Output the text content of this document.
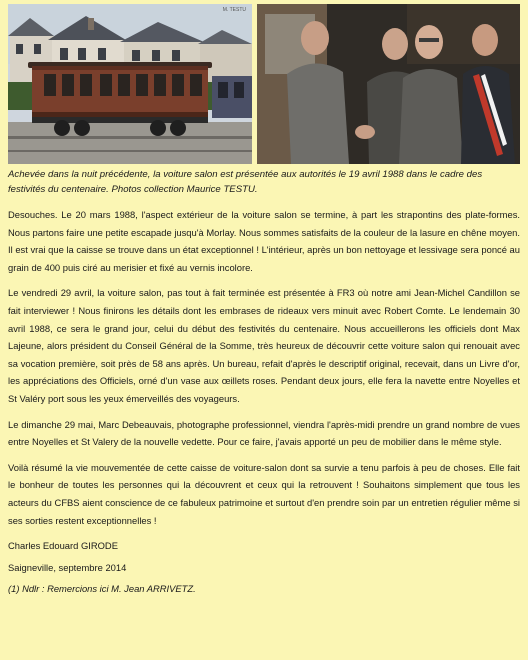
M. TESTU

Achevée dans la nuit précédente, la voiture salon est présentée aux autorités le 19 avril 1988 dans le cadre des festivités du centenaire. Photos collection Maurice TESTU.

Desouches. Le 20 mars 1988, l'aspect extérieur de la voiture salon se termine, à part les strapontins des plate-formes. Nous partons faire une petite escapade jusqu'à Morlay. Nous sommes satisfaits de la couleur de la lasure en chêne moyen. Il est vrai que la caisse se trouve dans un état exceptionnel ! L'intérieur, après un bon nettoyage et lessivage sera poncé au grain de 400 puis ciré au merisier et fixé au vernis incolore.

Le vendredi 29 avril, la voiture salon, pas tout à fait terminée est présentée à FR3 où notre ami Jean-Michel Candillon se fait interviewer ! Nous finirons les détails dont les embrases de rideaux vers minuit avec Robert Comte. Le lendemain 30 avril 1988, ce sera le grand jour, celui du début des festivités du centenaire. Nous accueillerons les officiels dont Max Lajeune, alors président du Conseil Général de la Somme, très heureux de découvrir cette voiture salon qui renouait avec sa vocation première, soit près de 58 ans après. Un bureau, refait d'après le descriptif original, recevait, dans un Livre d'or, les appréciations des Officiels, orné d'un vase aux œillets roses. Pendant deux jours, elle fera la navette entre Noyelles et St Valéry port sous les yeux émerveillés des voyageurs.

Le dimanche 29 mai, Marc Debeauvais, photographe professionnel, viendra l'après-midi prendre un grand nombre de vues entre Noyelles et St Valery de la nouvelle vedette. Pour ce faire, j'avais apporté un peu de mobilier dans le même style.

Voilà résumé la vie mouvementée de cette caisse de voiture-salon dont sa survie a tenu parfois à peu de choses. Elle fait le bonheur de toutes les personnes qui la découvrent et ceux qui la retrouvent ! Souhaitons simplement que tous les acteurs du CFBS aient conscience de ce fabuleux patrimoine et surtout d'en prendre soin par un entretien régulier même si ses sorties restent exceptionnelles !

Charles Edouard GIRODE

Saigneville, septembre 2014

(1) Ndlr : Remercions ici M. Jean ARRIVETZ.
